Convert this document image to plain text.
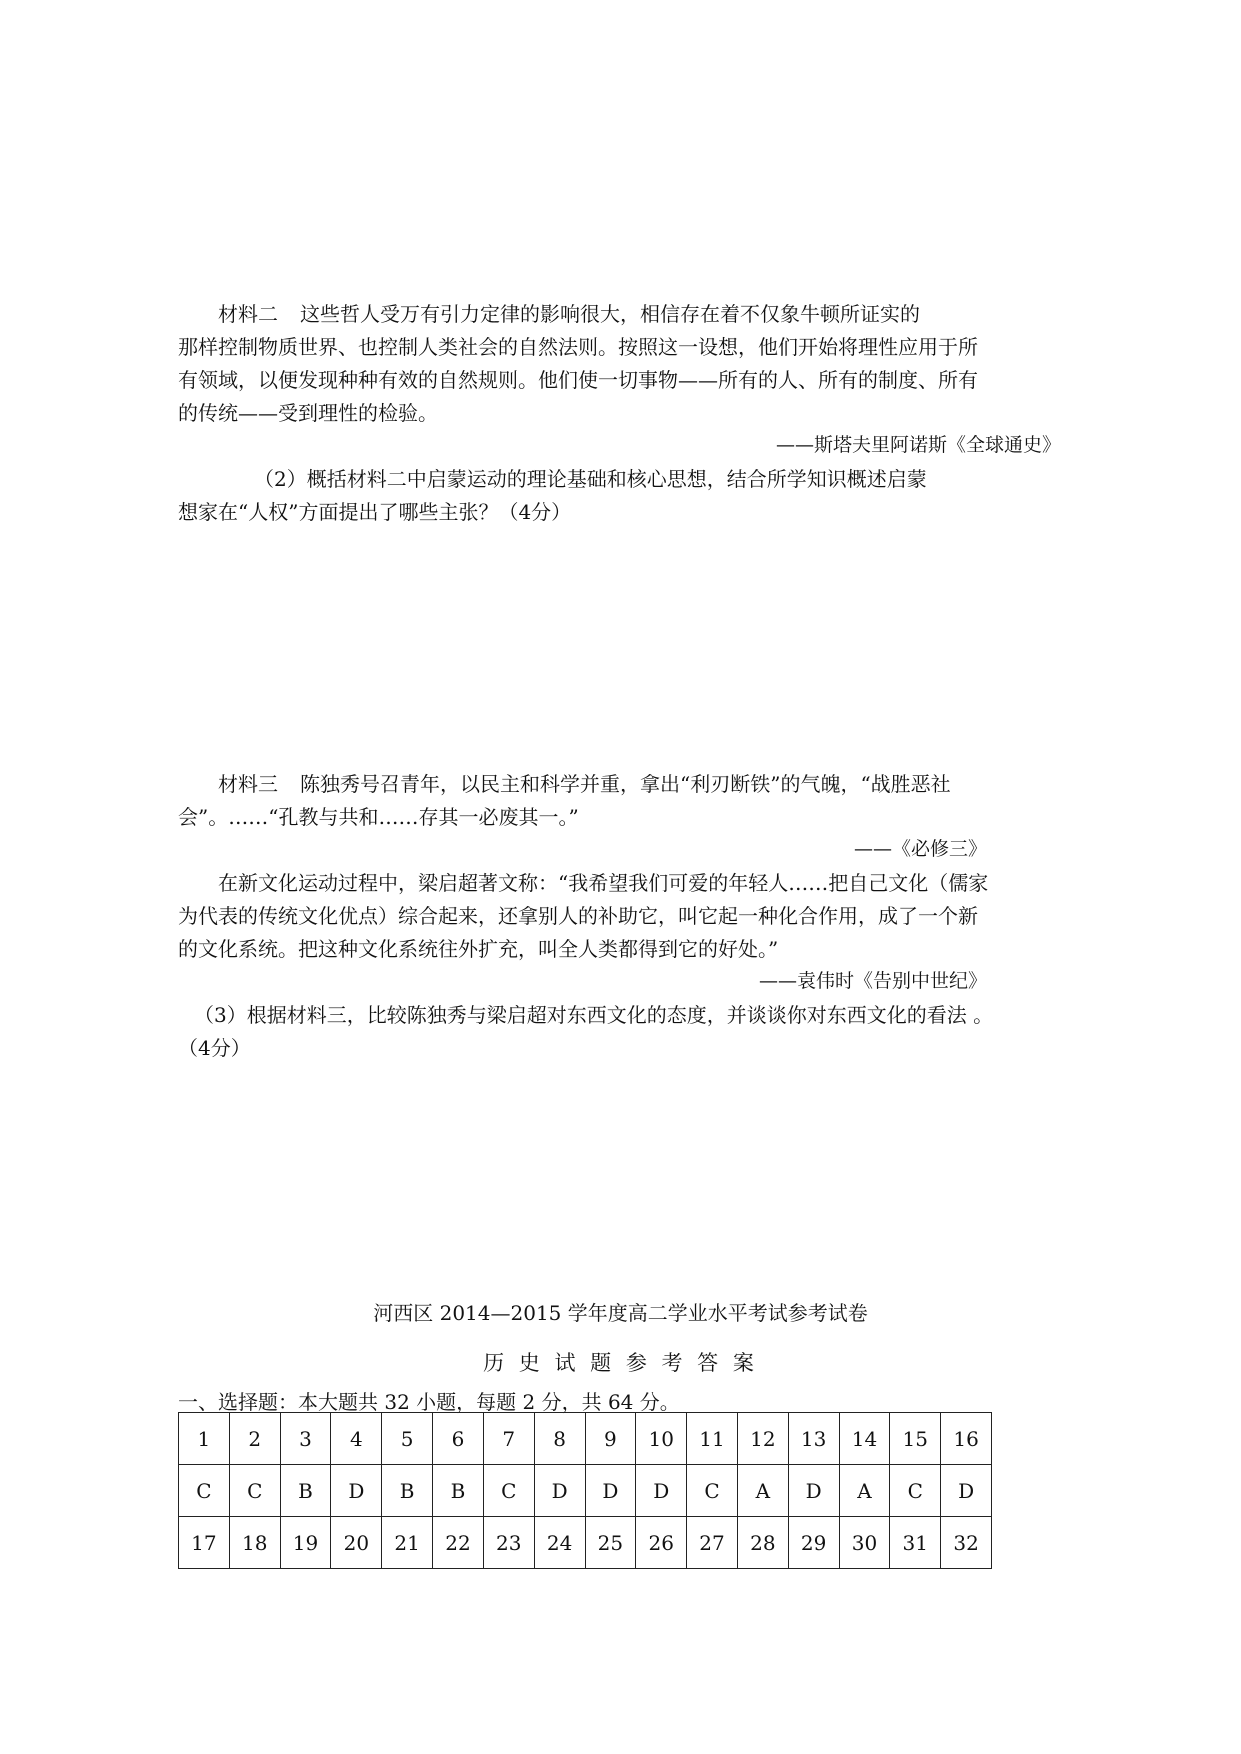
材料二 这些哲人受万有引力定律的影响很大，相信存在着不仅象牛顿所证实的

那样控制物质世界、也控制人类社会的自然法则。按照这一设想，他们开始将理性应用于所

有领域，以便发现种种有效的自然规则。他们使一切事物——所有的人、所有的制度、所有

的传统——受到理性的检验。

——斯塔夫里阿诺斯《全球通史》

（2）概括材料二中启蒙运动的理论基础和核心思想，结合所学知识概述启蒙

想家在“人权”方面提出了哪些主张？（4分）

材料三 陈独秀号召青年，以民主和科学并重，拿出“利刃断铁”的气魄，“战胜恶社

会”。……“孔教与共和……存其一必废其一。”

——《必修三》

在新文化运动过程中，梁启超著文称：“我希望我们可爱的年轻人……把自己文化（儒家

为代表的传统文化优点）综合起来，还拿别人的补助它，叫它起一种化合作用，成了一个新

的文化系统。把这种文化系统往外扩充，叫全人类都得到它的好处。”

——袁伟时《告别中世纪》

（3）根据材料三，比较陈独秀与梁启超对东西文化的态度，并谈谈你对东西文化的看法 。

（4分）

河西区 2014—2015 学年度高二学业水平考试参考试卷

历 史 试 题 参 考 答 案

一、选择题：本大题共 32 小题，每题 2 分，共 64 分。

1	2	3	4	5	6	7	8	9	10	11	12	13	14	15	16
C	C	B	D	B	B	C	D	D	D	C	A	D	A	C	D
17	18	19	20	21	22	23	24	25	26	27	28	29	30	31	32
